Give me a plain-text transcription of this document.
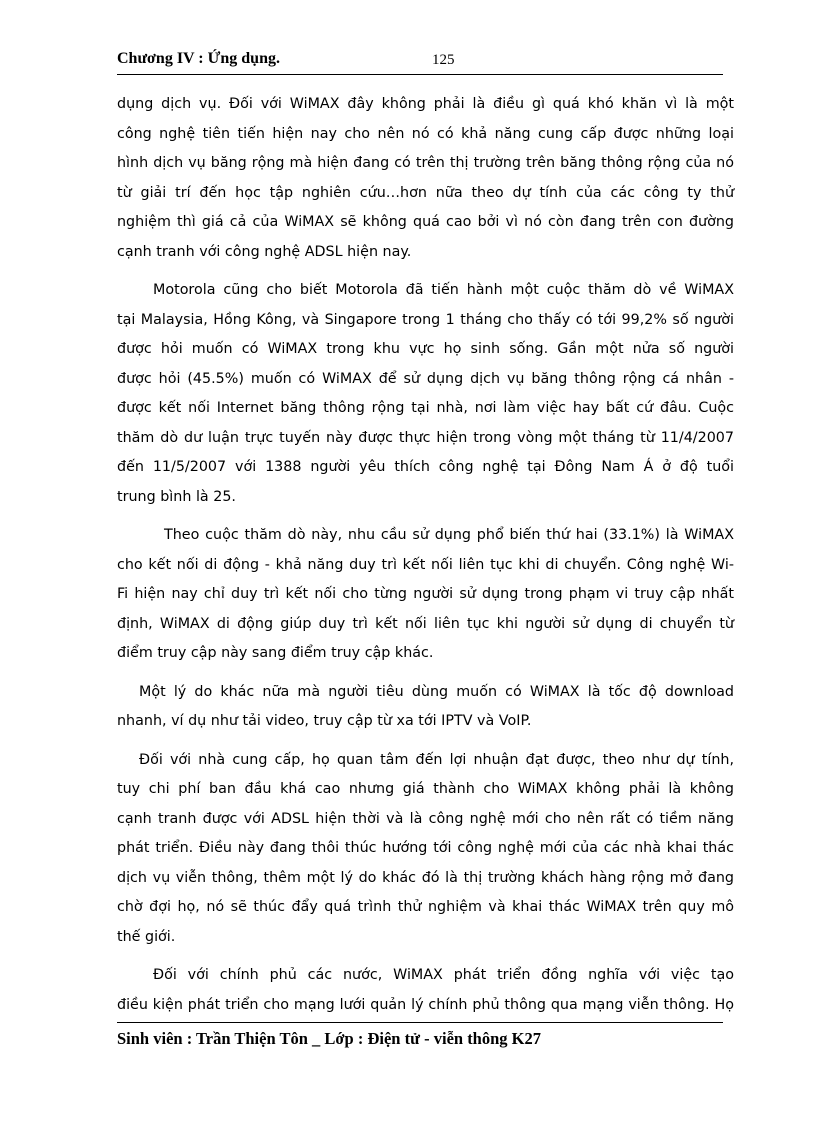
Chương IV : Ứng dụng.	125
dụng dịch vụ. Đối với WiMAX đây không phải là điều gì quá khó khăn vì là một
công nghệ tiên tiến hiện nay cho nên nó có khả năng cung cấp được những loại
hình dịch vụ băng rộng mà hiện đang có trên thị trường trên băng thông rộng của nó
từ giải trí đến học tập nghiên cứu…hơn nữa theo dự tính của các công ty thử
nghiệm thì giá cả của WiMAX sẽ không quá cao bởi vì nó còn đang trên con đường
cạnh tranh với công nghệ ADSL hiện nay.
Motorola cũng cho biết Motorola đã tiến hành một cuộc thăm dò về WiMAX
tại Malaysia, Hồng Kông, và Singapore trong 1 tháng cho thấy có tới 99,2% số người
được hỏi muốn có WiMAX trong khu vực họ sinh sống. Gần một nửa số người
được hỏi (45.5%) muốn có WiMAX để sử dụng dịch vụ băng thông rộng cá nhân -
được kết nối Internet băng thông rộng tại nhà, nơi làm việc hay bất cứ đâu. Cuộc
thăm dò dư luận trực tuyến này được thực hiện trong vòng một tháng từ 11/4/2007
đến 11/5/2007 với 1388 người yêu thích công nghệ tại Đông Nam Á ở độ tuổi
trung bình là 25.
Theo cuộc thăm dò này, nhu cầu sử dụng phổ biến thứ hai (33.1%) là WiMAX
cho kết nối di động - khả năng duy trì kết nối liên tục khi di chuyển. Công nghệ Wi-
Fi hiện nay chỉ duy trì kết nối cho từng người sử dụng trong phạm vi truy cập nhất
định, WiMAX di động giúp duy trì kết nối liên tục khi người sử dụng di chuyển từ
điểm truy cập này sang điểm truy cập khác.
Một lý do khác nữa mà người tiêu dùng muốn có WiMAX là tốc độ download
nhanh, ví dụ như tải video, truy cập từ xa tới IPTV và VoIP.
Đối với nhà cung cấp, họ quan tâm đến lợi nhuận đạt được, theo như dự tính,
tuy chi phí ban đầu khá cao nhưng giá thành cho WiMAX không phải là không
cạnh tranh được với ADSL hiện thời và là công nghệ mới cho nên rất có tiềm năng
phát triển. Điều này đang thôi thúc hướng tới công nghệ mới của các nhà khai thác
dịch vụ viễn thông, thêm một lý do khác đó là thị trường khách hàng rộng mở đang
chờ đợi họ, nó sẽ thúc đẩy quá trình thử nghiệm và khai thác WiMAX trên quy mô
thế giới.
Đối với chính phủ các nước, WiMAX phát triển đồng nghĩa với việc tạo
điều kiện phát triển cho mạng lưới quản lý chính phủ thông qua mạng viễn thông. Họ
Sinh viên : Trần Thiện Tôn _ Lớp : Điện tử - viễn thông K27
